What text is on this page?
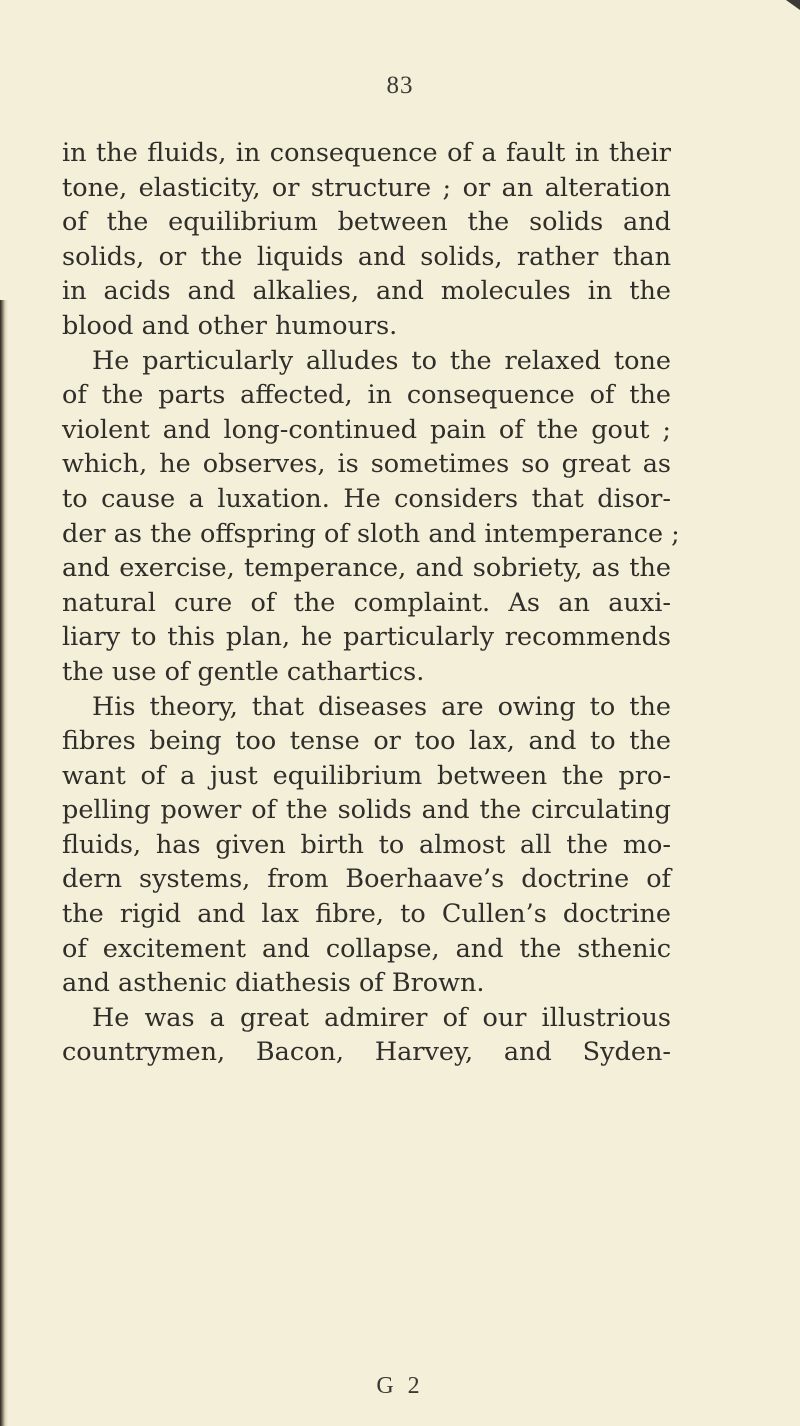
83
in the fluids, in consequence of a fault in their
tone, elasticity, or structure ; or an alteration
of the equilibrium between the solids and
solids, or the liquids and solids, rather than
in acids and alkalies, and molecules in the
blood and other humours.
He particularly alludes to the relaxed tone
of the parts affected, in consequence of the
violent and long-continued pain of the gout ;
which, he observes, is sometimes so great as
to cause a luxation. He considers that disor-
der as the offspring of sloth and intemperance ;
and exercise, temperance, and sobriety, as the
natural cure of the complaint. As an auxi-
liary to this plan, he particularly recommends
the use of gentle cathartics.
His theory, that diseases are owing to the
fibres being too tense or too lax, and to the
want of a just equilibrium between the pro-
pelling power of the solids and the circulating
fluids, has given birth to almost all the mo-
dern systems, from Boerhaave’s doctrine of
the rigid and lax fibre, to Cullen’s doctrine
of excitement and collapse, and the sthenic
and asthenic diathesis of Brown.
He was a great admirer of our illustrious
countrymen, Bacon, Harvey, and Syden-
G 2
